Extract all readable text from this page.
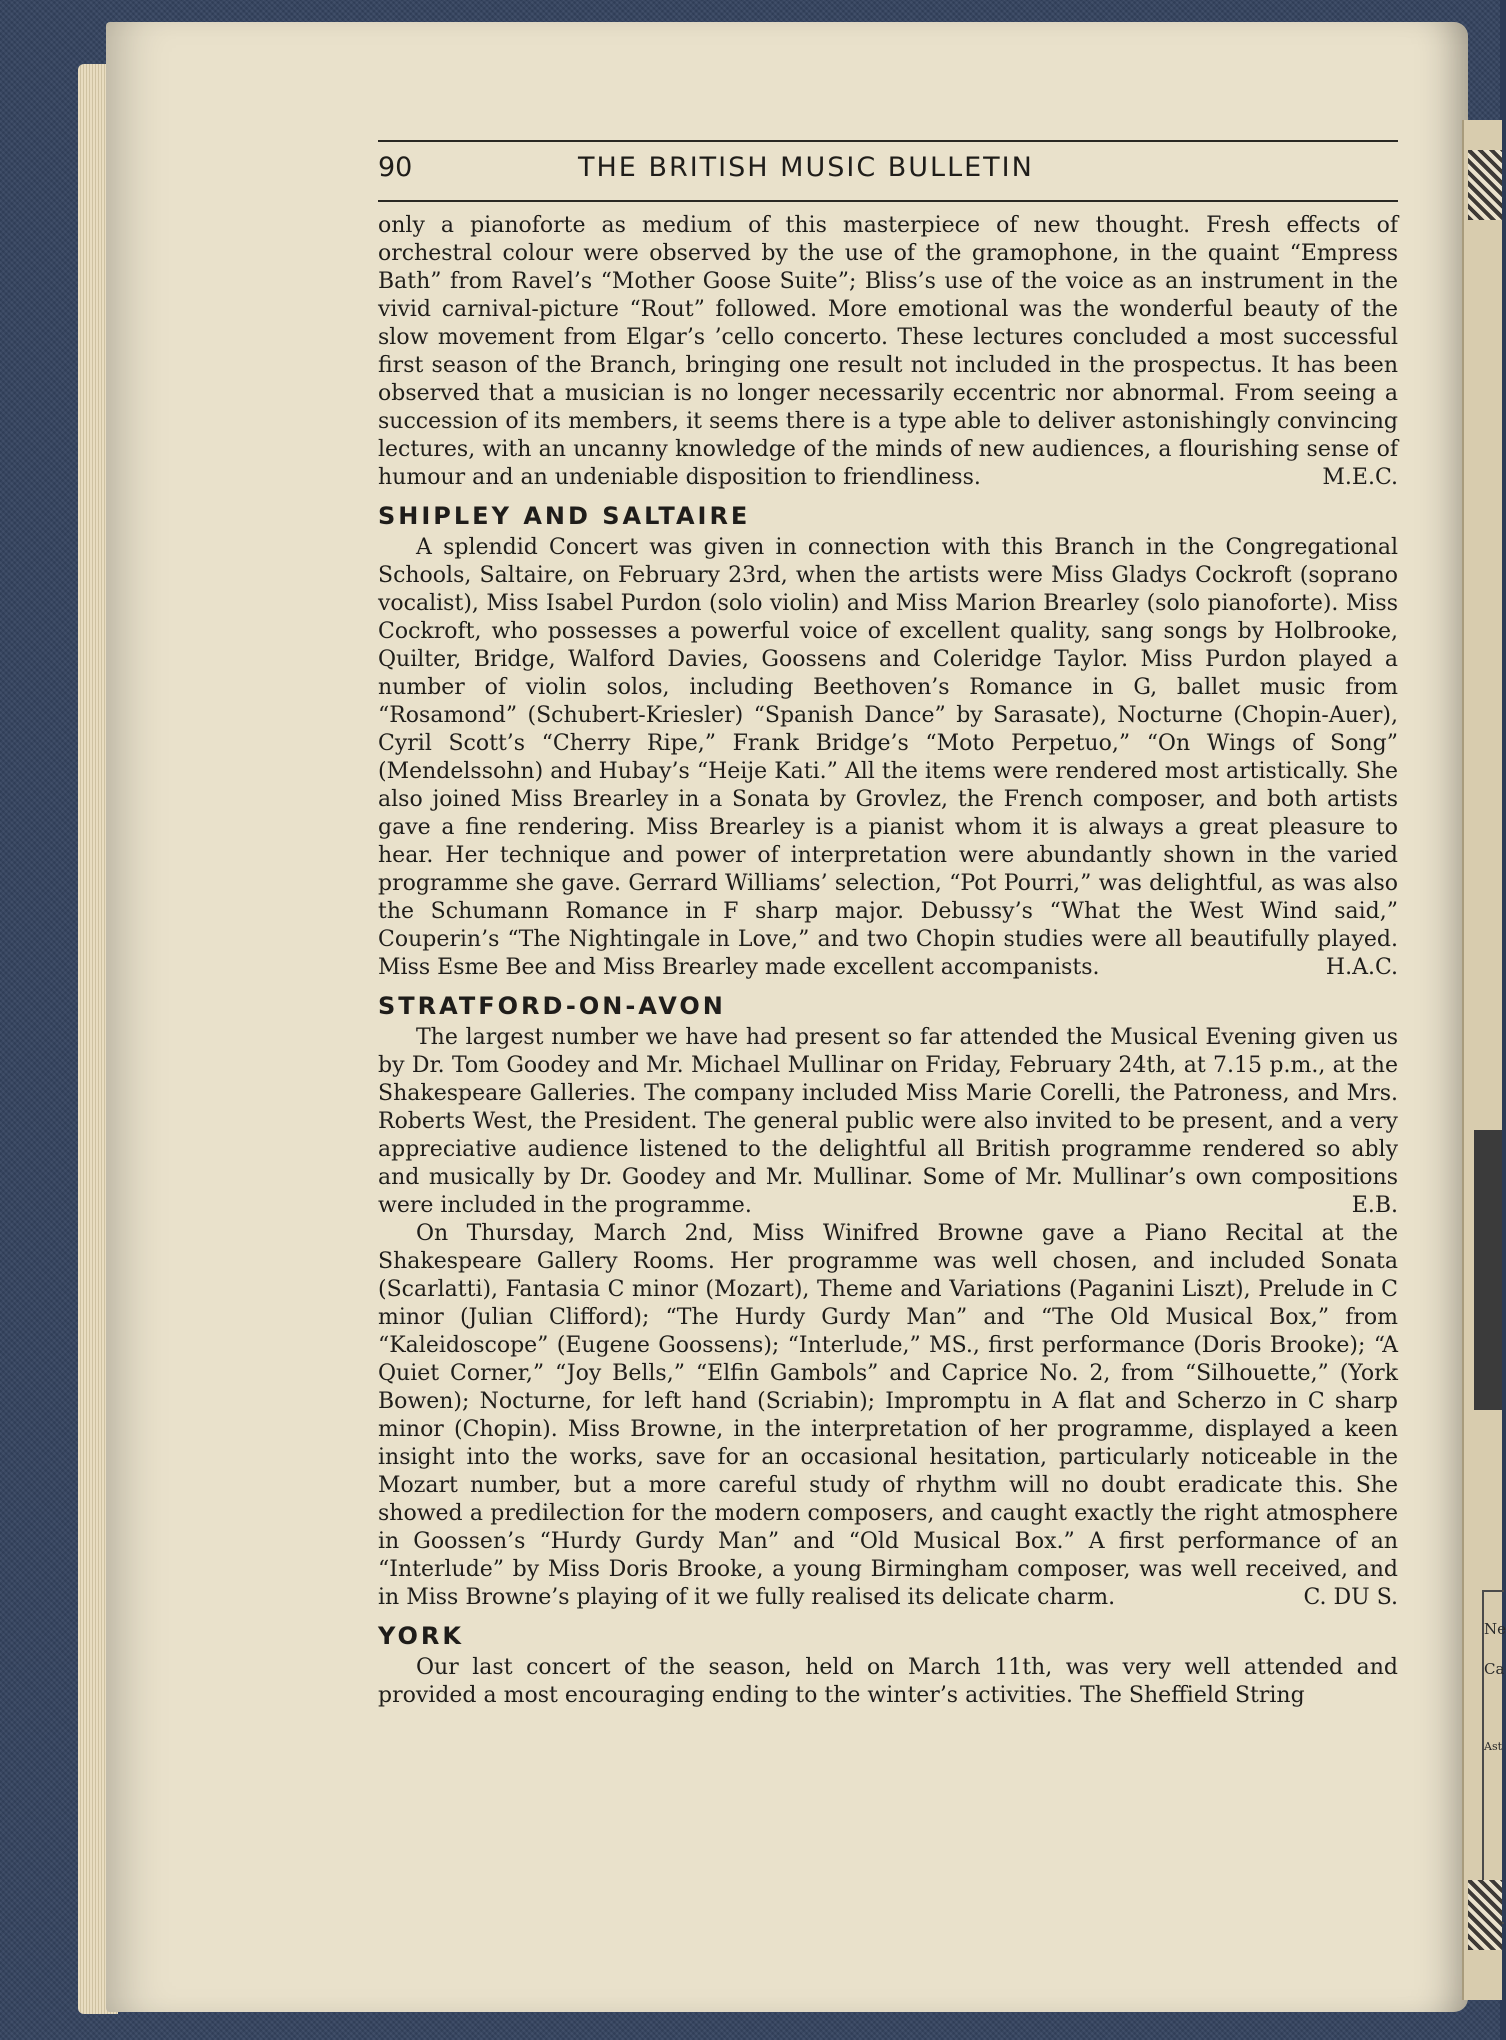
Ne
Ca
Ast
90	THE BRITISH MUSIC BULLETIN

only a pianoforte as medium of this masterpiece of new thought. Fresh effects of orchestral colour were observed by the use of the gramophone, in the quaint “Empress Bath” from Ravel’s “Mother Goose Suite”; Bliss’s use of the voice as an instrument in the vivid carnival-picture “Rout” followed. More emotional was the wonderful beauty of the slow movement from Elgar’s ’cello concerto. These lectures concluded a most successful first season of the Branch, bringing one result not included in the prospectus. It has been observed that a musician is no longer necessarily eccentric nor abnormal. From seeing a succession of its members, it seems there is a type able to deliver astonishingly convincing lectures, with an uncanny knowledge of the minds of new audiences, a flourishing sense of humour and an undeniable disposition to friendliness.	M.E.C.
SHIPLEY AND SALTAIRE

A splendid Concert was given in connection with this Branch in the Congregational Schools, Saltaire, on February 23rd, when the artists were Miss Gladys Cockroft (soprano vocalist), Miss Isabel Purdon (solo violin) and Miss Marion Brearley (solo pianoforte). Miss Cockroft, who possesses a powerful voice of excellent quality, sang songs by Holbrooke, Quilter, Bridge, Walford Davies, Goossens and Coleridge Taylor. Miss Purdon played a number of violin solos, including Beethoven’s Romance in G, ballet music from “Rosamond” (Schubert-Kriesler) “Spanish Dance” by Sarasate), Nocturne (Chopin-Auer), Cyril Scott’s “Cherry Ripe,” Frank Bridge’s “Moto Perpetuo,” “On Wings of Song” (Mendelssohn) and Hubay’s “Heije Kati.” All the items were rendered most artistically. She also joined Miss Brearley in a Sonata by Grovlez, the French composer, and both artists gave a fine rendering. Miss Brearley is a pianist whom it is always a great pleasure to hear. Her technique and power of interpretation were abundantly shown in the varied programme she gave. Gerrard Williams’ selection, “Pot Pourri,” was delightful, as was also the Schumann Romance in F sharp major. Debussy’s “What the West Wind said,” Couperin’s “The Nightingale in Love,” and two Chopin studies were all beautifully played. Miss Esme Bee and Miss Brearley made excellent accompanists.	H.A.C.
STRATFORD-ON-AVON

The largest number we have had present so far attended the Musical Evening given us by Dr. Tom Goodey and Mr. Michael Mullinar on Friday, February 24th, at 7.15 p.m., at the Shakespeare Galleries. The company included Miss Marie Corelli, the Patroness, and Mrs. Roberts West, the President. The general public were also invited to be present, and a very appreciative audience listened to the delightful all British programme rendered so ably and musically by Dr. Goodey and Mr. Mullinar. Some of Mr. Mullinar’s own compositions were included in the programme.	E.B.

On Thursday, March 2nd, Miss Winifred Browne gave a Piano Recital at the Shakespeare Gallery Rooms. Her programme was well chosen, and included Sonata (Scarlatti), Fantasia C minor (Mozart), Theme and Variations (Paganini Liszt), Prelude in C minor (Julian Clifford); “The Hurdy Gurdy Man” and “The Old Musical Box,” from “Kaleidoscope” (Eugene Goossens); “Interlude,” MS., first performance (Doris Brooke); “A Quiet Corner,” “Joy Bells,” “Elfin Gambols” and Caprice No. 2, from “Silhouette,” (York Bowen); Nocturne, for left hand (Scriabin); Impromptu in A flat and Scherzo in C sharp minor (Chopin). Miss Browne, in the interpretation of her programme, displayed a keen insight into the works, save for an occasional hesitation, particularly noticeable in the Mozart number, but a more careful study of rhythm will no doubt eradicate this. She showed a predilection for the modern composers, and caught exactly the right atmosphere in Goossen’s “Hurdy Gurdy Man” and “Old Musical Box.” A first performance of an “Interlude” by Miss Doris Brooke, a young Birmingham composer, was well received, and in Miss Browne’s playing of it we fully realised its delicate charm.	C. DU S.
YORK

Our last concert of the season, held on March 11th, was very well attended and provided a most encouraging ending to the winter’s activities. The Sheffield String
